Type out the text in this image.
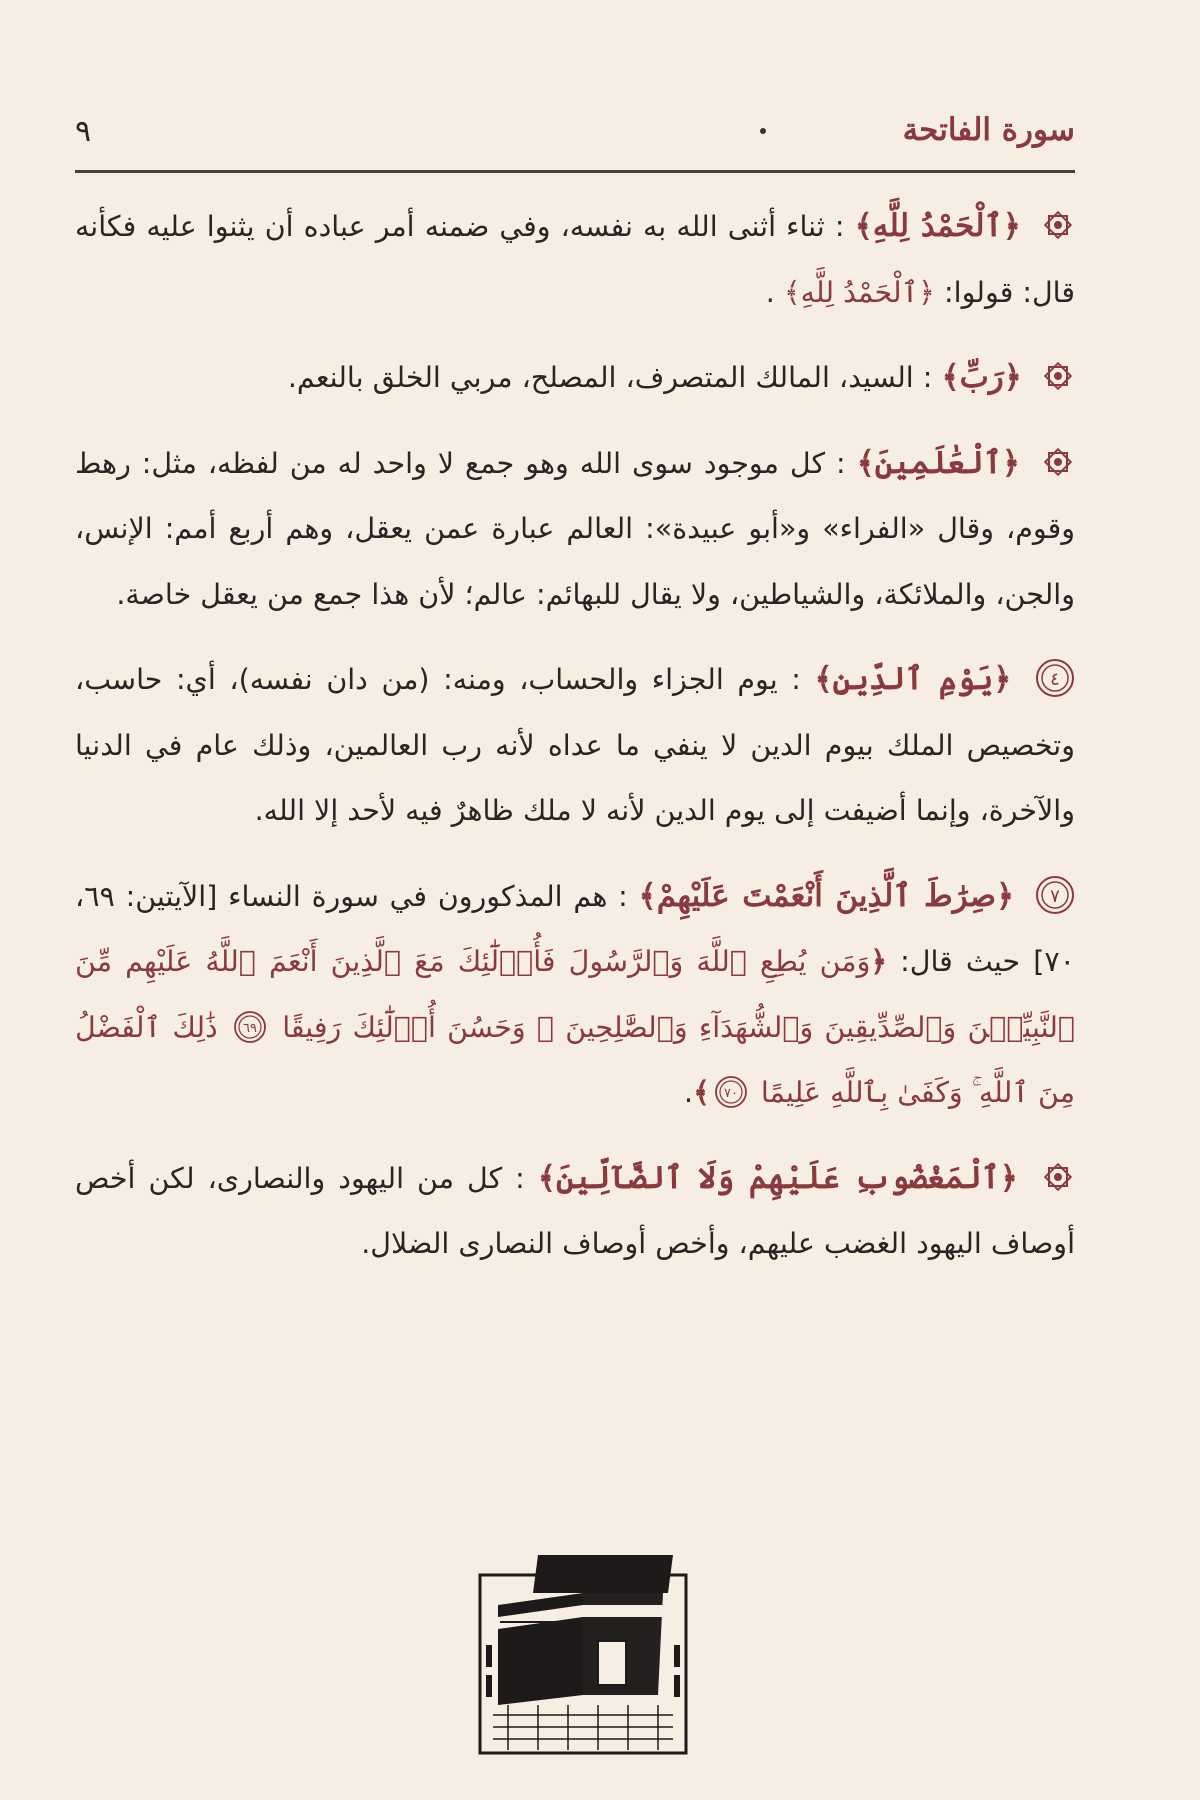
سورة الفاتحة
٩

﴿ٱلْحَمْدُ لِلَّهِ﴾ : ثناء أثنى الله به نفسه، وفي ضمنه أمر عباده أن يثنوا عليه فكأنه قال: قولوا: ﴿ٱلْحَمْدُ لِلَّهِ﴾ .

﴿رَبِّ﴾ : السيد، المالك المتصرف، المصلح، مربي الخلق بالنعم.

﴿ٱلْعَٰلَمِينَ﴾ : كل موجود سوى الله وهو جمع لا واحد له من لفظه، مثل: رهط وقوم، وقال «الفراء» و«أبو عبيدة»: العالم عبارة عمن يعقل، وهم أربع أمم: الإنس، والجن، والملائكة، والشياطين، ولا يقال للبهائم: عالم؛ لأن هذا جمع من يعقل خاصة.

٤
﴿يَوْمِ ٱلدِّينِ﴾ : يوم الجزاء والحساب، ومنه: (من دان نفسه)، أي: حاسب، وتخصيص الملك بيوم الدين لا ينفي ما عداه لأنه رب العالمين، وذلك عام في الدنيا والآخرة، وإنما أضيفت إلى يوم الدين لأنه لا ملك ظاهرٌ فيه لأحد إلا الله.

٧
﴿صِرَٰطَ ٱلَّذِينَ أَنْعَمْتَ عَلَيْهِمْ﴾ : هم المذكورون في سورة النساء [الآيتين: ٦٩، ٧٠] حيث قال: ﴿وَمَن يُطِعِ ٱللَّهَ وَٱلرَّسُولَ فَأُو۟لَٰٓئِكَ مَعَ ٱلَّذِينَ أَنْعَمَ ٱللَّهُ عَلَيْهِم مِّنَ ٱلنَّبِيِّـۧنَ وَٱلصِّدِّيقِينَ وَٱلشُّهَدَآءِ وَٱلصَّٰلِحِينَ ۚ وَحَسُنَ أُو۟لَٰٓئِكَ رَفِيقًا
٦٩
ذَٰلِكَ ٱلْفَضْلُ مِنَ ٱللَّهِ ۚ وَكَفَىٰ بِٱللَّهِ عَلِيمًا
٧٠
﴾.

﴿ٱلْمَغْضُوبِ عَلَيْهِمْ وَلَا ٱلضَّآلِّينَ﴾ : كل من اليهود والنصارى، لكن أخص أوصاف اليهود الغضب عليهم، وأخص أوصاف النصارى الضلال.
